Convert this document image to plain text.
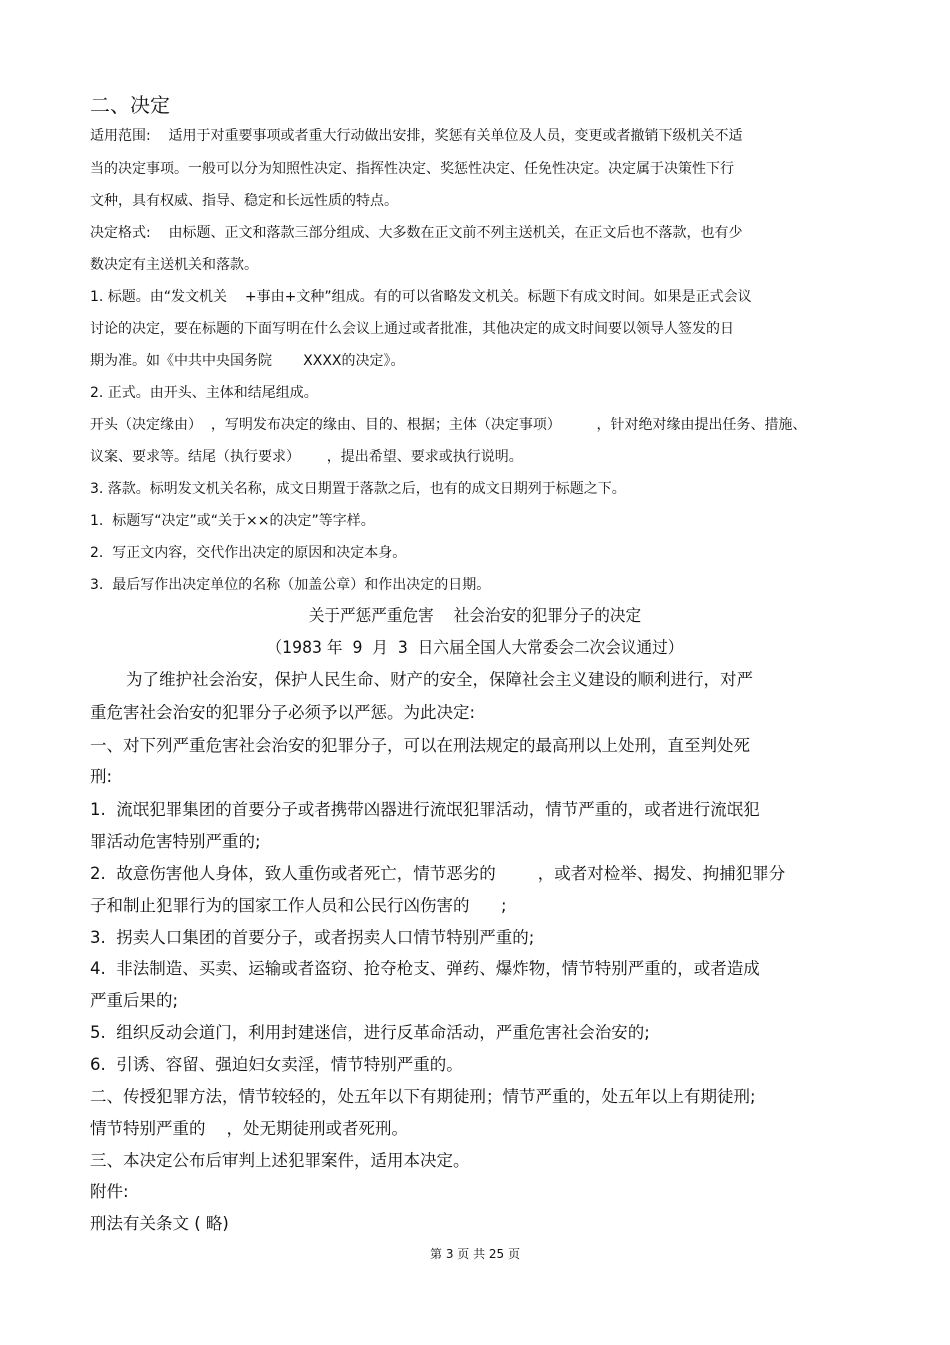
二、决定
适用范围:    适用于对重要事项或者重大行动做出安排，奖惩有关单位及人员，变更或者撤销下级机关不适
当的决定事项。一般可以分为知照性决定、指挥性决定、奖惩性决定、任免性决定。决定属于决策性下行
文种，具有权威、指导、稳定和长远性质的特点。
决定格式:    由标题、正文和落款三部分组成、大多数在正文前不列主送机关，在正文后也不落款，也有少
数决定有主送机关和落款。
1. 标题。由“发文机关    +事由+文种”组成。有的可以省略发文机关。标题下有成文时间。如果是正式会议
讨论的决定，要在标题的下面写明在什么会议上通过或者批准，其他决定的成文时间要以领导人签发的日
期为准。如《中共中央国务院       XXXX的决定》。
2. 正式。由开头、主体和结尾组成。
开头（决定缘由）  ，写明发布决定的缘由、目的、根据；主体（决定事项）        ，针对绝对缘由提出任务、措施、
议案、要求等。结尾（执行要求）      ，提出希望、要求或执行说明。
3. 落款。标明发文机关名称，成文日期置于落款之后，也有的成文日期列于标题之下。
1.  标题写“决定”或“关于××的决定”等字样。
2.  写正文内容，交代作出决定的原因和决定本身。
3.  最后写作出决定单位的名称（加盖公章）和作出决定的日期。
关于严惩严重危害    社会治安的犯罪分子的决定
（1983 年  9  月  3  日六届全国人大常委会二次会议通过）
为了维护社会治安，保护人民生命、财产的安全，保障社会主义建设的顺利进行，对严
重危害社会治安的犯罪分子必须予以严惩。为此决定:
一、对下列严重危害社会治安的犯罪分子，可以在刑法规定的最高刑以上处刑，直至判处死
刑:
1.  流氓犯罪集团的首要分子或者携带凶器进行流氓犯罪活动，情节严重的，或者进行流氓犯
罪活动危害特别严重的;
2.  故意伤害他人身体，致人重伤或者死亡，情节恶劣的        ，或者对检举、揭发、拘捕犯罪分
子和制止犯罪行为的国家工作人员和公民行凶伤害的      ;
3.  拐卖人口集团的首要分子，或者拐卖人口情节特别严重的;
4.  非法制造、买卖、运输或者盗窃、抢夺枪支、弹药、爆炸物，情节特别严重的，或者造成
严重后果的;
5.  组织反动会道门，利用封建迷信，进行反革命活动，严重危害社会治安的;
6.  引诱、容留、强迫妇女卖淫，情节特别严重的。
二、传授犯罪方法，情节较轻的，处五年以下有期徒刑；情节严重的，处五年以上有期徒刑;
情节特别严重的    ，处无期徒刑或者死刑。
三、本决定公布后审判上述犯罪案件，适用本决定。
附件:
刑法有关条文 ( 略)
第 3 页 共 25 页
